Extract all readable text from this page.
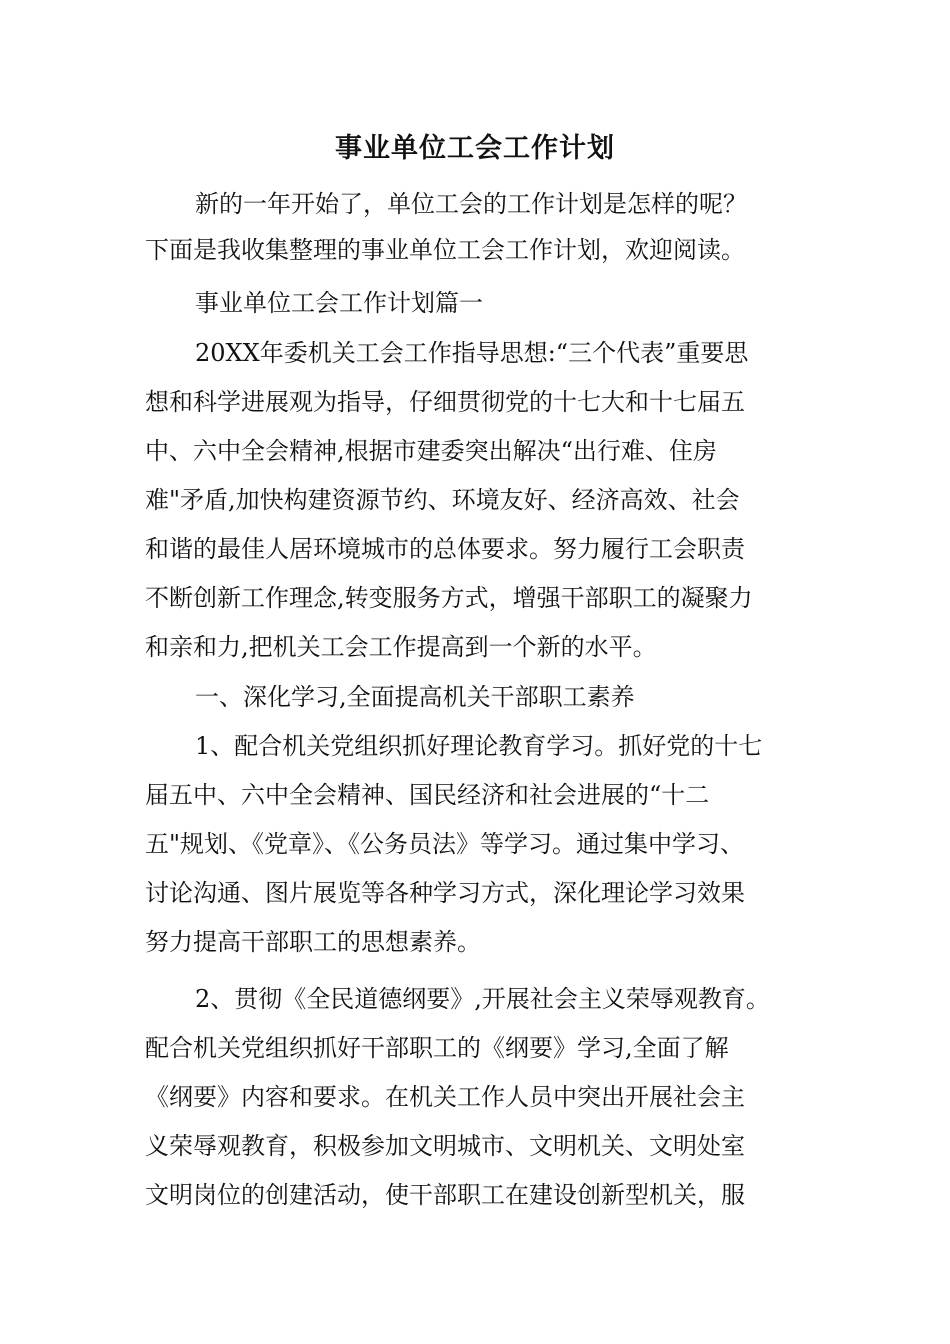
事业单位工会工作计划
新的一年开始了，单位工会的工作计划是怎样的呢？
下面是我收集整理的事业单位工会工作计划，欢迎阅读。
事业单位工会工作计划篇一
20XX年委机关工会工作指导思想:“三个代表”重要思
想和科学进展观为指导，仔细贯彻党的十七大和十七届五
中、六中全会精神,根据市建委突出解决“出行难、住房
难"矛盾,加快构建资源节约、环境友好、经济高效、社会
和谐的最佳人居环境城市的总体要求。努力履行工会职责
不断创新工作理念,转变服务方式，增强干部职工的凝聚力
和亲和力,把机关工会工作提高到一个新的水平。
一、深化学习,全面提高机关干部职工素养
1、配合机关党组织抓好理论教育学习。抓好党的十七
届五中、六中全会精神、国民经济和社会进展的“十二
五"规划、《党章》、《公务员法》等学习。通过集中学习、
讨论沟通、图片展览等各种学习方式，深化理论学习效果
努力提高干部职工的思想素养。
2、贯彻《全民道德纲要》,开展社会主义荣辱观教育。
配合机关党组织抓好干部职工的《纲要》学习,全面了解
《纲要》内容和要求。在机关工作人员中突出开展社会主
义荣辱观教育，积极参加文明城市、文明机关、文明处室
文明岗位的创建活动，使干部职工在建设创新型机关，服
